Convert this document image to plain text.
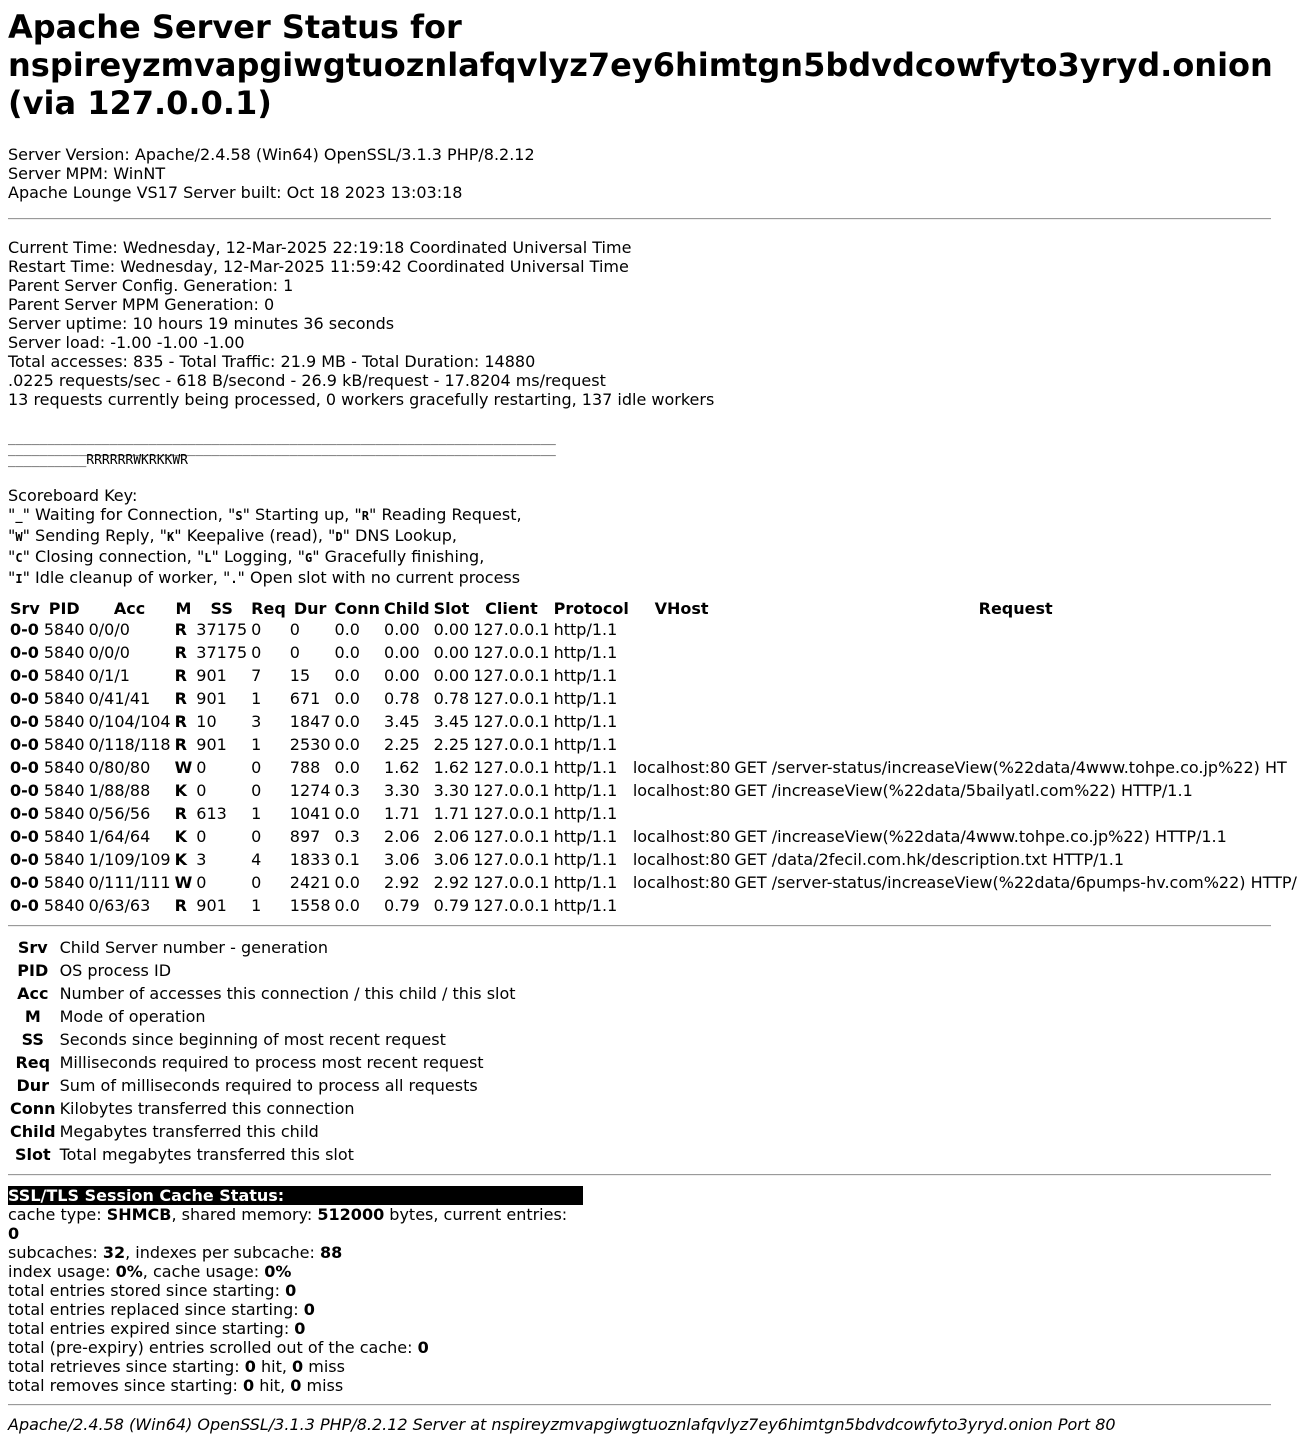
Apache Server Status for nspireyzmvapgiwgtuoznlafqvlyz7ey6himtgn5bdvdcowfyto3yryd.onion (via 127.0.0.1)
Server Version: Apache/2.4.58 (Win64) OpenSSL/3.1.3 PHP/8.2.12
Server MPM: WinNT
Apache Lounge VS17 Server built: Oct 18 2023 13:03:18
Current Time: Wednesday, 12-Mar-2025 22:19:18 Coordinated Universal Time
Restart Time: Wednesday, 12-Mar-2025 11:59:42 Coordinated Universal Time
Parent Server Config. Generation: 1
Parent Server MPM Generation: 0
Server uptime: 10 hours 19 minutes 36 seconds
Server load: -1.00 -1.00 -1.00
Total accesses: 835 - Total Traffic: 21.9 MB - Total Duration: 14880
.0225 requests/sec - 618 B/second - 26.9 kB/request - 17.8204 ms/request
13 requests currently being processed, 0 workers gracefully restarting, 137 idle workers
______________________________________________________________________
______________________________________________________________________
__________RRRRRRWKRKKWR
Scoreboard Key:
"_" Waiting for Connection, "S" Starting up, "R" Reading Request,
"W" Sending Reply, "K" Keepalive (read), "D" DNS Lookup,
"C" Closing connection, "L" Logging, "G" Gracefully finishing,
"I" Idle cleanup of worker, "." Open slot with no current process
Srv	PID	Acc	M	SS	Req	Dur	Conn	Child	Slot	Client	Protocol	VHost	Request
0-0	5840	0/0/0	R	37175	0	0	0.0	0.00	0.00	127.0.0.1	http/1.1		
0-0	5840	0/0/0	R	37175	0	0	0.0	0.00	0.00	127.0.0.1	http/1.1		
0-0	5840	0/1/1	R	901	7	15	0.0	0.00	0.00	127.0.0.1	http/1.1		
0-0	5840	0/41/41	R	901	1	671	0.0	0.78	0.78	127.0.0.1	http/1.1		
0-0	5840	0/104/104	R	10	3	1847	0.0	3.45	3.45	127.0.0.1	http/1.1		
0-0	5840	0/118/118	R	901	1	2530	0.0	2.25	2.25	127.0.0.1	http/1.1		
0-0	5840	0/80/80	W	0	0	788	0.0	1.62	1.62	127.0.0.1	http/1.1	localhost:80	GET /server-status/increaseView(%22data/4www.tohpe.co.jp%22) HT
0-0	5840	1/88/88	K	0	0	1274	0.3	3.30	3.30	127.0.0.1	http/1.1	localhost:80	GET /increaseView(%22data/5bailyatl.com%22) HTTP/1.1
0-0	5840	0/56/56	R	613	1	1041	0.0	1.71	1.71	127.0.0.1	http/1.1		
0-0	5840	1/64/64	K	0	0	897	0.3	2.06	2.06	127.0.0.1	http/1.1	localhost:80	GET /increaseView(%22data/4www.tohpe.co.jp%22) HTTP/1.1
0-0	5840	1/109/109	K	3	4	1833	0.1	3.06	3.06	127.0.0.1	http/1.1	localhost:80	GET /data/2fecil.com.hk/description.txt HTTP/1.1
0-0	5840	0/111/111	W	0	0	2421	0.0	2.92	2.92	127.0.0.1	http/1.1	localhost:80	GET /server-status/increaseView(%22data/6pumps-hv.com%22) HTTP/
0-0	5840	0/63/63	R	901	1	1558	0.0	0.79	0.79	127.0.0.1	http/1.1		
Srv	Child Server number - generation
PID	OS process ID
Acc	Number of accesses this connection / this child / this slot
M	Mode of operation
SS	Seconds since beginning of most recent request
Req	Milliseconds required to process most recent request
Dur	Sum of milliseconds required to process all requests
Conn	Kilobytes transferred this connection
Child	Megabytes transferred this child
Slot	Total megabytes transferred this slot
SSL/TLS Session Cache Status:
cache type: SHMCB, shared memory: 512000 bytes, current entries: 0
subcaches: 32, indexes per subcache: 88
index usage: 0%, cache usage: 0%
total entries stored since starting: 0
total entries replaced since starting: 0
total entries expired since starting: 0
total (pre-expiry) entries scrolled out of the cache: 0
total retrieves since starting: 0 hit, 0 miss
total removes since starting: 0 hit, 0 miss
Apache/2.4.58 (Win64) OpenSSL/3.1.3 PHP/8.2.12 Server at nspireyzmvapgiwgtuoznlafqvlyz7ey6himtgn5bdvdcowfyto3yryd.onion Port 80
